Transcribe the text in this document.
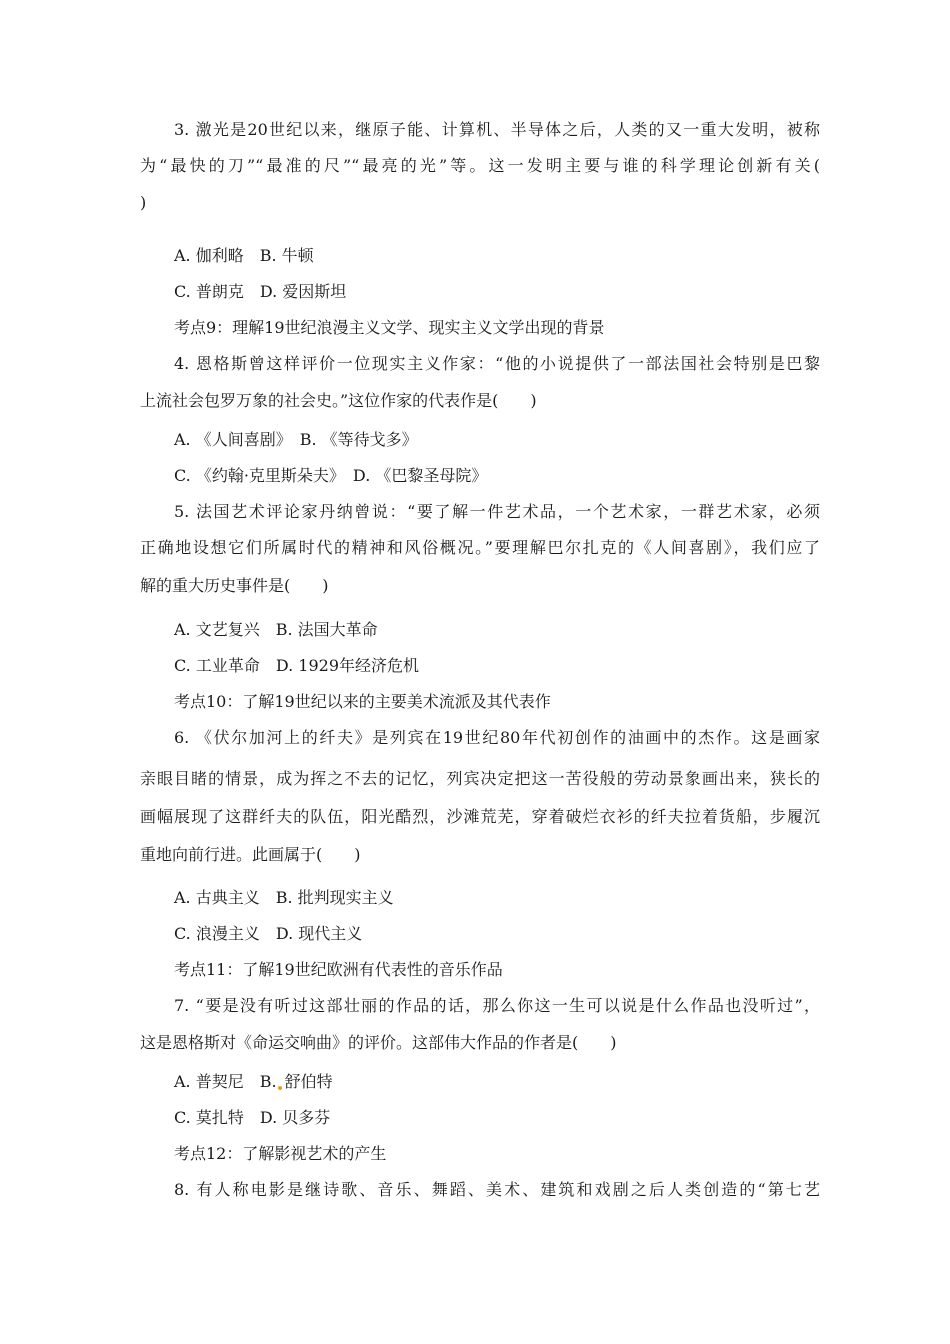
3. 激光是20世纪以来，继原子能、计算机、半导体之后，人类的又一重大发明，被称

为“最快的刀”“最准的尺”“最亮的光”等。这一发明主要与谁的科学理论创新有关(

)

A. 伽利略　B. 牛顿

C. 普朗克　D. 爱因斯坦

考点9：理解19世纪浪漫主义文学、现实主义文学出现的背景

4. 恩格斯曾这样评价一位现实主义作家：“他的小说提供了一部法国社会特别是巴黎

上流社会包罗万象的社会史。”这位作家的代表作是(　　)

A. 《人间喜剧》　B. 《等待戈多》

C. 《约翰·克里斯朵夫》　D. 《巴黎圣母院》

5. 法国艺术评论家丹纳曾说：“要了解一件艺术品，一个艺术家，一群艺术家，必须

正确地设想它们所属时代的精神和风俗概况。”要理解巴尔扎克的《人间喜剧》，我们应了

解的重大历史事件是(　　)

A. 文艺复兴　B. 法国大革命

C. 工业革命　D. 1929年经济危机

考点10：了解19世纪以来的主要美术流派及其代表作

6. 《伏尔加河上的纤夫》是列宾在19世纪80年代初创作的油画中的杰作。这是画家

亲眼目睹的情景，成为挥之不去的记忆，列宾决定把这一苦役般的劳动景象画出来，狭长的

画幅展现了这群纤夫的队伍，阳光酷烈，沙滩荒芜，穿着破烂衣衫的纤夫拉着货船，步履沉

重地向前行进。此画属于(　　)

A. 古典主义　B. 批判现实主义

C. 浪漫主义　D. 现代主义

考点11：了解19世纪欧洲有代表性的音乐作品

7. “要是没有听过这部壮丽的作品的话，那么你这一生可以说是什么作品也没听过”，

这是恩格斯对《命运交响曲》的评价。这部伟大作品的作者是(　　)

A. 普契尼　B. 舒伯特

C. 莫扎特　D. 贝多芬

考点12：了解影视艺术的产生

8. 有人称电影是继诗歌、音乐、舞蹈、美术、建筑和戏剧之后人类创造的“第七艺
